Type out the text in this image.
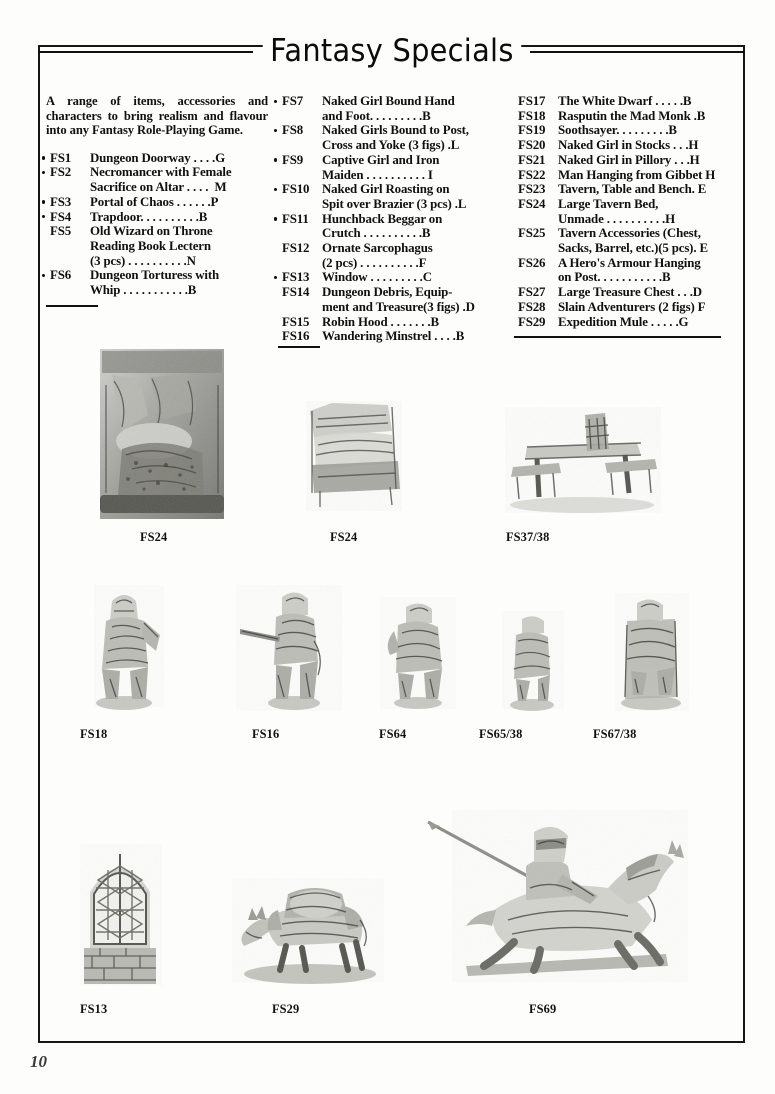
Fantasy Specials

A range of items, accessories and characters to bring realism and flavour into any Fantasy Role-Playing Game.

FS1 Dungeon Doorway . . . .G
FS2 Necromancer with Female
Sacrifice on Altar . . . .  M
FS3 Portal of Chaos . . . . . .P
FS4 Trapdoor. . . . . . . . . .B
FS5 Old Wizard on Throne
Reading Book Lectern
(3 pcs) . . . . . . . . . .N
FS6 Dungeon Torturess with
Whip . . . . . . . . . . .B
FS7 Naked Girl Bound Hand
and Foot. . . . . . . . .B
FS8 Naked Girls Bound to Post,
Cross and Yoke (3 figs) .L
FS9 Captive Girl and Iron
Maiden . . . . . . . . . . I
FS10 Naked Girl Roasting on
Spit over Brazier (3 pcs) .L
FS11 Hunchback Beggar on
Crutch . . . . . . . . . .B
FS12 Ornate Sarcophagus
(2 pcs) . . . . . . . . . .F
FS13 Window . . . . . . . . .C
FS14 Dungeon Debris, Equip-
ment and Treasure(3 figs) .D
FS15 Robin Hood . . . . . . .B
FS16 Wandering Minstrel . . . .B
FS17 The White Dwarf . . . . .B
FS18 Rasputin the Mad Monk .B
FS19 Soothsayer. . . . . . . . .B
FS20 Naked Girl in Stocks . . .H
FS21 Naked Girl in Pillory . . .H
FS22 Man Hanging from Gibbet H
FS23 Tavern, Table and Bench. E
FS24 Large Tavern Bed,
Unmade . . . . . . . . . .H
FS25 Tavern Accessories (Chest,
Sacks, Barrel, etc.)(5 pcs). E
FS26 A Hero's Armour Hanging
on Post. . . . . . . . . . .B
FS27 Large Treasure Chest . . .D
FS28 Slain Adventurers (2 figs) F
FS29 Expedition Mule . . . . .G
FS24	FS24	FS37/38
FS18	FS16	FS64	FS65/38	FS67/38
FS13	FS29	FS69
10
